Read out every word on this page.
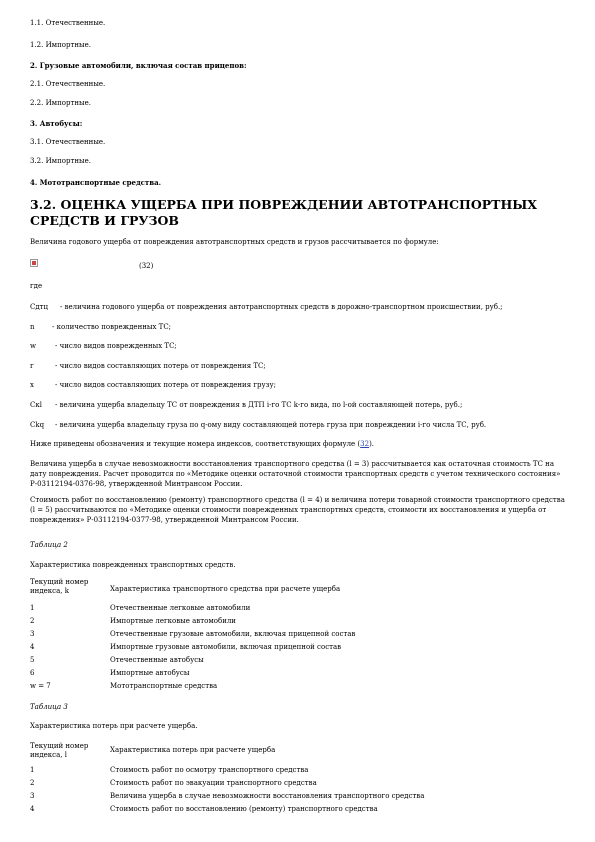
1.1. Отечественные.
1.2. Импортные.
2. Грузовые автомобили, включая состав прицепов:
2.1. Отечественные.
2.2. Импортные.
3. Автобусы:
3.1. Отечественные.
3.2. Импортные.
4. Мототранспортные средства.
3.2. ОЦЕНКА УЩЕРБА ПРИ ПОВРЕЖДЕНИИ АВТОТРАНСПОРТНЫХ СРЕДСТВ И ГРУЗОВ
Величина годового ущерба от повреждения автотранспортных средств и грузов рассчитывается по формуле:
(32)
где
Сдтц - величина годового ущерба от повреждения автотранспортных средств в дорожно-транспортном происшествии, руб.;
n - количество поврежденных ТС;
w	- число видов поврежденных ТС;
r	- число видов составляющих потерь от повреждения ТС;
x	- число видов составляющих потерь от повреждения грузу;
Скl - величина ущерба владельцу ТС от повреждения в ДТП i-го ТС k-го вида, по l-ой составляющей потерь, руб.;
Сkq - величина ущерба владельцу груза по q-ому виду составляющей потерь груза при повреждении i-го числа ТС, руб.
Ниже приведены обозначения и текущие номера индексов, соответствующих формуле (32).
Величина ущерба в случае невозможности восстановления транспортного средства (l = 3) рассчитывается как остаточная стоимость ТС на дату повреждения. Расчет проводится по «Методике оценки остаточной стоимости транспортных средств с учетом технического состояния» Р-03112194-0376-98, утвержденной Минтрансом России.
Стоимость работ по восстановлению (ремонту) транспортного средства (l = 4) и величина потери товарной стоимости транспортного средства (l = 5) рассчитываются по «Методике оценки стоимости поврежденных транспортных средств, стоимости их восстановления и ущерба от повреждения» Р-03112194-0377-98, утвержденной Минтрансом России.
Таблица 2
Характеристика поврежденных транспортных средств.
Текущий номер индекса, k	Характеристика транспортного средства при расчете ущерба

1	Отечественные легковые автомобили

2	Импортные легковые автомобили

3	Отечественные грузовые автомобили, включая прицепной состав

4	Импортные грузовые автомобили, включая прицепной состав

5	Отечественные автобусы

6	Импортные автобусы

w = 7	Мототранспортные средства
Таблица 3
Характеристика потерь при расчете ущерба.
Текущий номер индекса, l	Характеристика потерь при расчете ущерба

1	Стоимость работ по осмотру транспортного средства

2	Стоимость работ по эвакуации транспортного средства

3	Величина ущерба в случае невозможности восстановления транспортного средства

4	Стоимость работ по восстановлению (ремонту) транспортного средства
